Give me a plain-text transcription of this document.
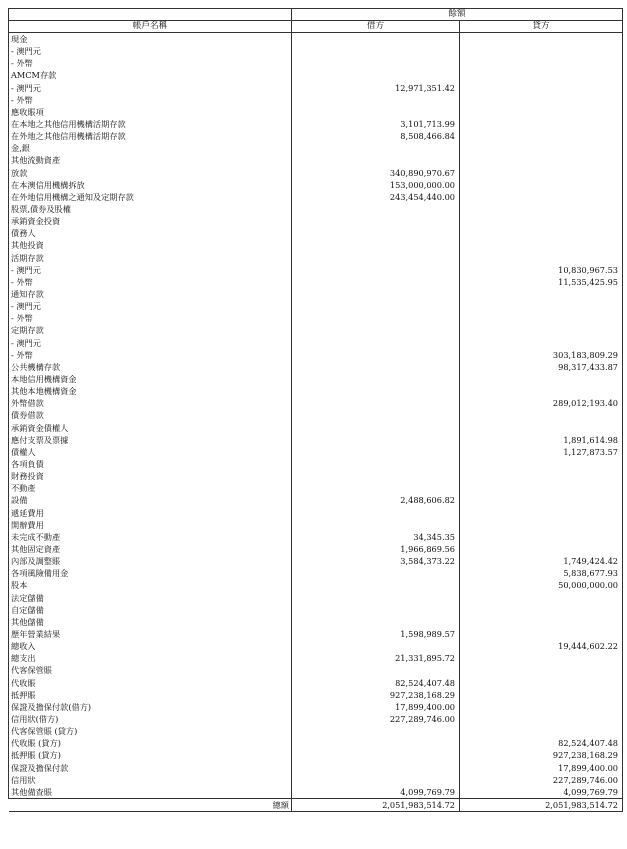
	餘額	
帳戶名稱	借方	貸方
現金		
- 澳門元		
- 外幣		
AMCM存款		
- 澳門元	12,971,351.42	
- 外幣		
應收賬項		
在本地之其他信用機構活期存款	3,101,713.99	
在外地之其他信用機構活期存款	8,508,466.84	
金,銀		
其他流動資產		
放款	340,890,970.67	
在本澳信用機構拆放	153,000,000.00	
在外地信用機構之通知及定期存款	243,454,440.00	
股票,債券及股權		
承銷資金投資		
債務人		
其他投資		
活期存款		
- 澳門元		10,830,967.53
- 外幣		11,535,425.95
通知存款		
- 澳門元		
- 外幣		
定期存款		
- 澳門元		
- 外幣		303,183,809.29
公共機構存款		98,317,433.87
本地信用機構資金		
其他本地機構資金		
外幣借款		289,012,193.40
債券借款		
承銷資金債權人		
應付支票及票據		1,891,614.98
債權人		1,127,873.57
各項負債		
財務投資		
不動產		
設備	2,488,606.82	
遞延費用		
開辦費用		
未完成不動產	34,345.35	
其他固定資產	1,966,869.56	
內部及調整賬	3,584,373.22	1,749,424.42
各項風險備用金		5,838,677.93
股本		50,000,000.00
法定儲備		
自定儲備		
其他儲備		
歷年營業結果	1,598,989.57	
總收入		19,444,602.22
總支出	21,331,895.72	
代客保管賬		
代收賬	82,524,407.48	
抵押賬	927,238,168.29	
保證及擔保付款(借方)	17,899,400.00	
信用狀(借方)	227,289,746.00	
代客保管賬 (貸方)		
代收賬 (貸方)		82,524,407.48
抵押賬 (貸方)		927,238,168.29
保證及擔保付款		17,899,400.00
信用狀		227,289,746.00
其他備查賬	4,099,769.79	4,099,769.79
總額	2,051,983,514.72	2,051,983,514.72
